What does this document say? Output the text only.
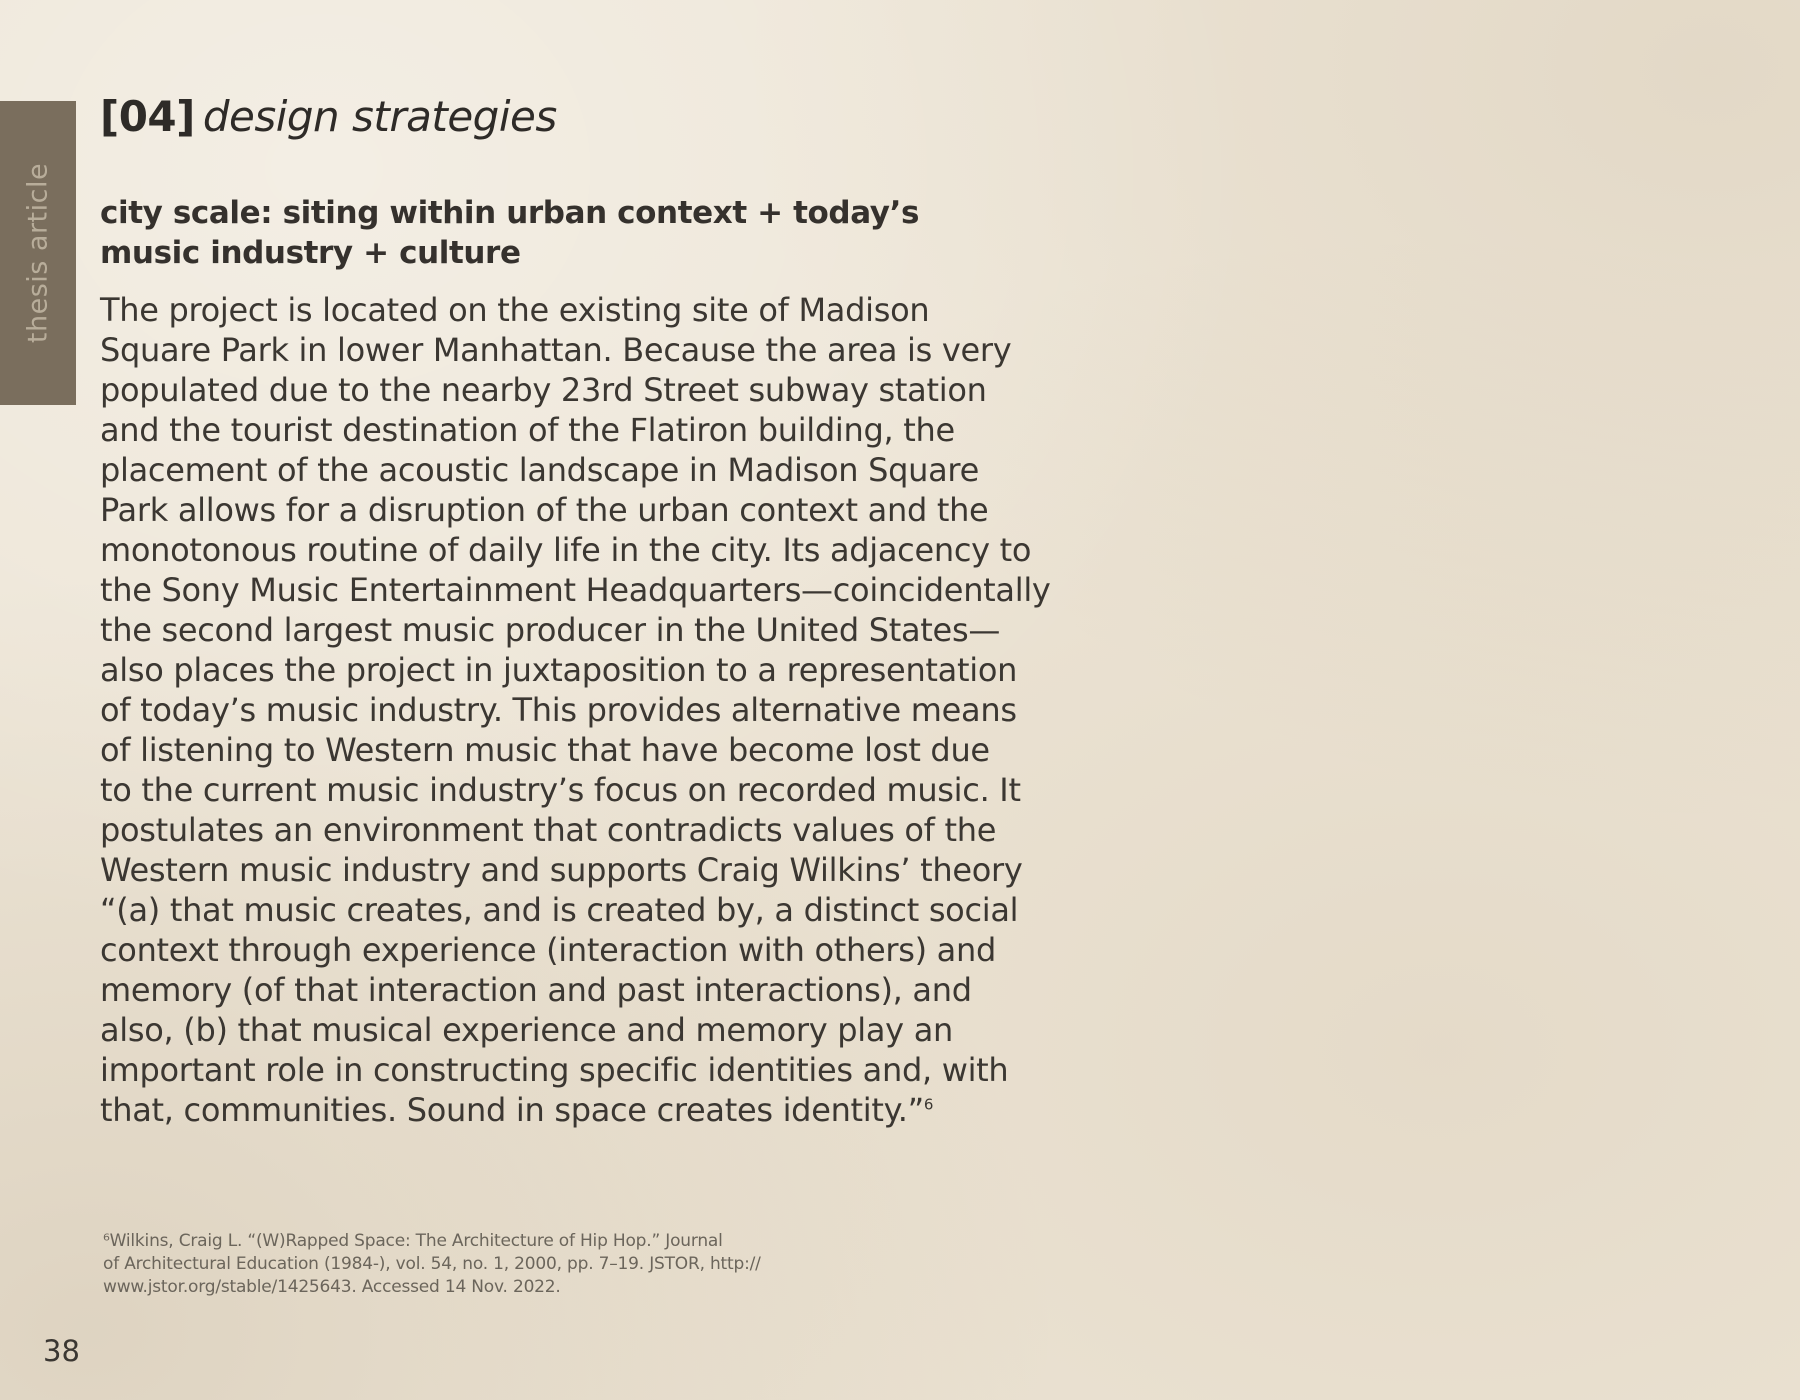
thesis article
[04] design strategies
city scale: siting within urban context + today’s music industry + culture

The project is located on the existing site of Madison
Square Park in lower Manhattan. Because the area is very
populated due to the nearby 23rd Street subway station
and the tourist destination of the Flatiron building, the
placement of the acoustic landscape in Madison Square
Park allows for a disruption of the urban context and the
monotonous routine of daily life in the city. Its adjacency to
the Sony Music Entertainment Headquarters—coincidentally
the second largest music producer in the United States—
also places the project in juxtaposition to a representation
of today’s music industry. This provides alternative means
of listening to Western music that have become lost due
to the current music industry’s focus on recorded music. It
postulates an environment that contradicts values of the
Western music industry and supports Craig Wilkins’ theory
“(a) that music creates, and is created by, a distinct social
context through experience (interaction with others) and
memory (of that interaction and past interactions), and
also, (b) that musical experience and memory play an
important role in constructing specific identities and, with
that, communities. Sound in space creates identity.”$^6$

⁶Wilkins, Craig L. “(W)Rapped Space: The Architecture of Hip Hop.” Journal
of Architectural Education (1984-), vol. 54, no. 1, 2000, pp. 7–19. JSTOR, http://
www.jstor.org/stable/1425643. Accessed 14 Nov. 2022.

38
